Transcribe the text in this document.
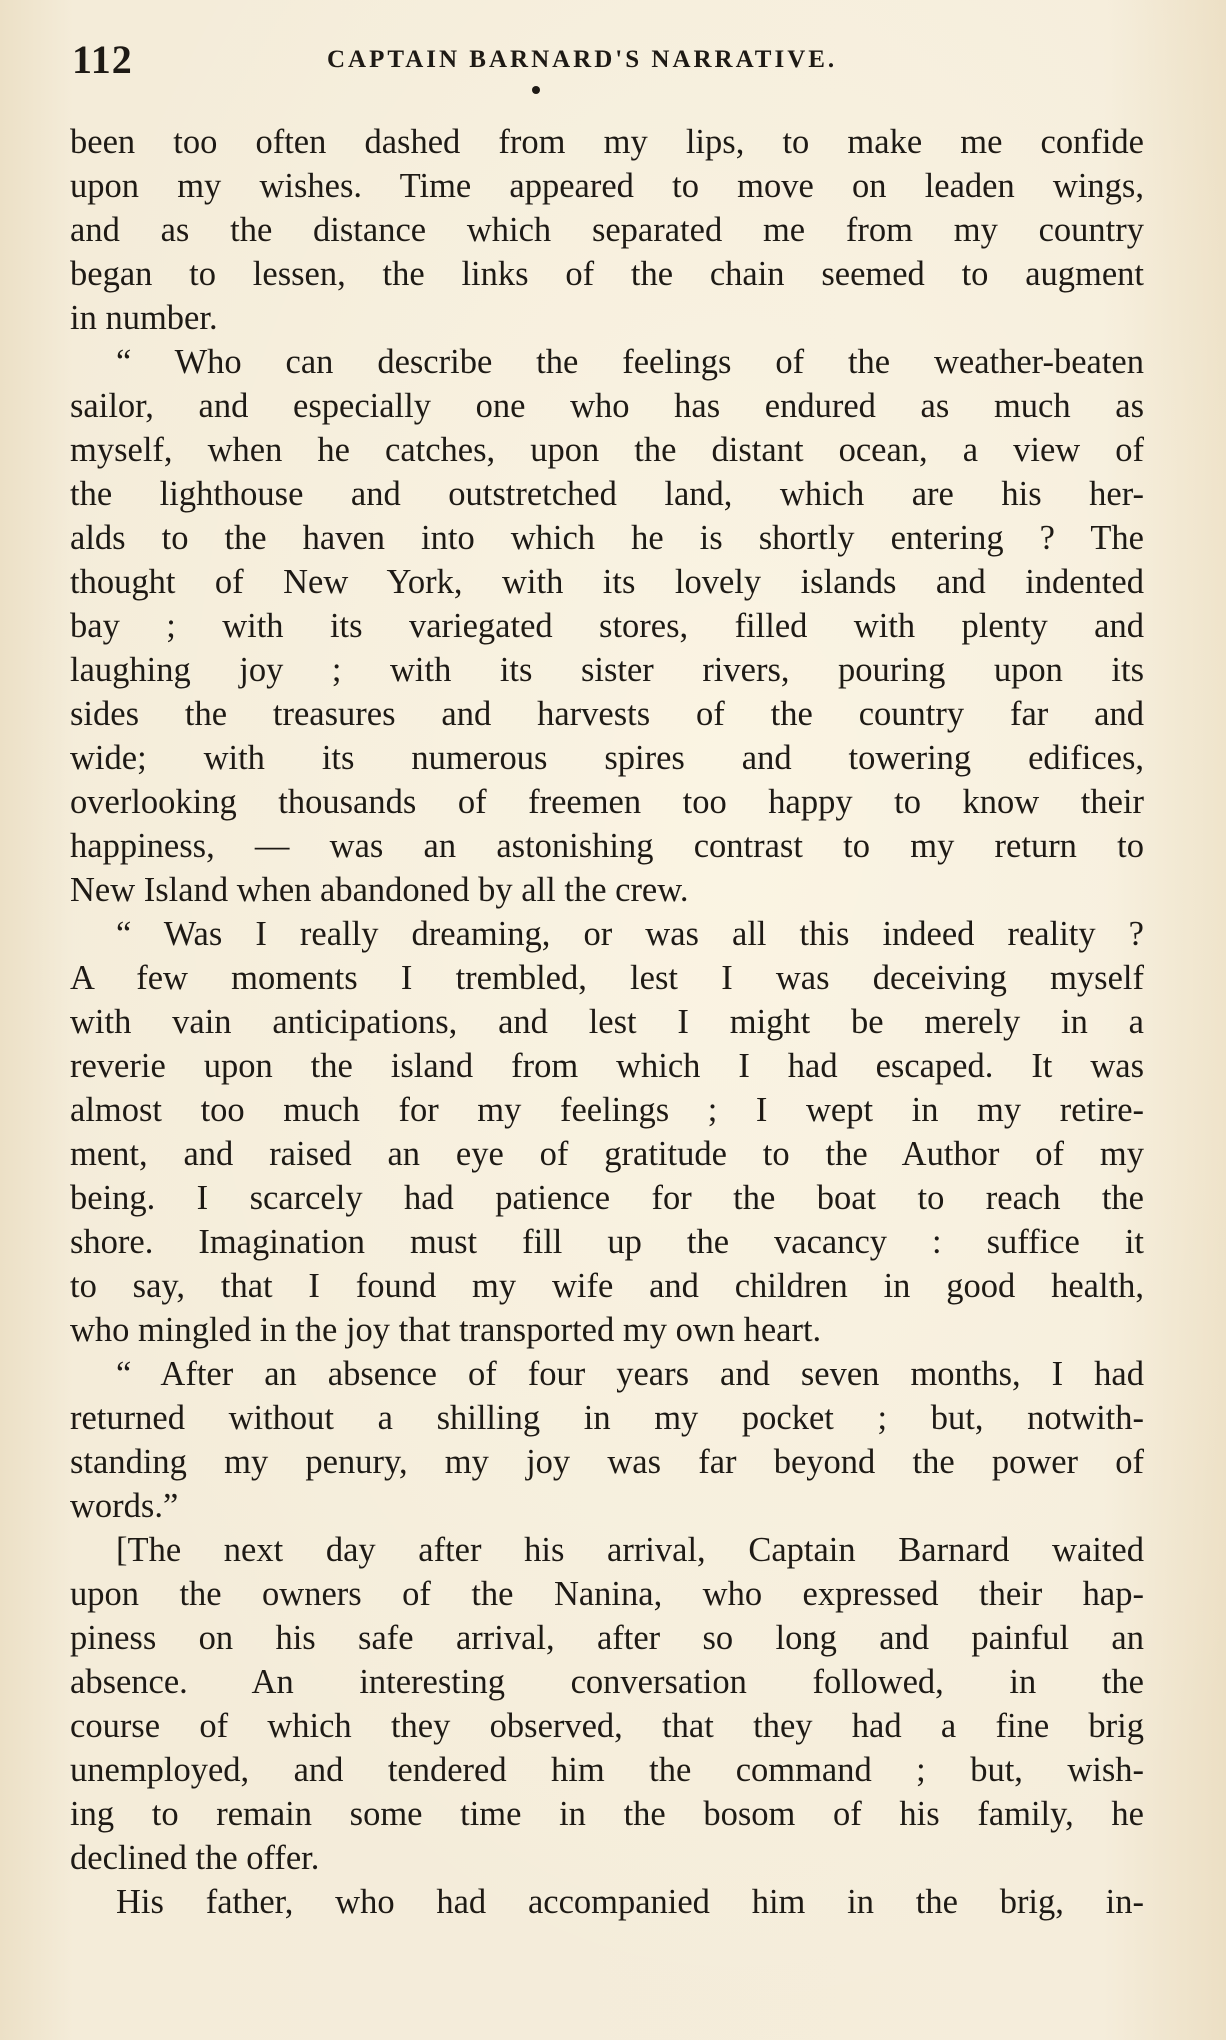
112	CAPTAIN BARNARD'S NARRATIVE.
been too often dashed from my lips, to make me confide
upon my wishes. Time appeared to move on leaden wings,
and as the distance which separated me from my country
began to lessen, the links of the chain seemed to augment
in number.
“ Who can describe the feelings of the weather-beaten
sailor, and especially one who has endured as much as
myself, when he catches, upon the distant ocean, a view of
the lighthouse and outstretched land, which are his her-
alds to the haven into which he is shortly entering ? The
thought of New York, with its lovely islands and indented
bay ; with its variegated stores, filled with plenty and
laughing joy ; with its sister rivers, pouring upon its
sides the treasures and harvests of the country far and
wide; with its numerous spires and towering edifices,
overlooking thousands of freemen too happy to know their
happiness, — was an astonishing contrast to my return to
New Island when abandoned by all the crew.
“ Was I really dreaming, or was all this indeed reality ?
A few moments I trembled, lest I was deceiving myself
with vain anticipations, and lest I might be merely in a
reverie upon the island from which I had escaped. It was
almost too much for my feelings ; I wept in my retire-
ment, and raised an eye of gratitude to the Author of my
being. I scarcely had patience for the boat to reach the
shore. Imagination must fill up the vacancy : suffice it
to say, that I found my wife and children in good health,
who mingled in the joy that transported my own heart.
“ After an absence of four years and seven months, I had
returned without a shilling in my pocket ; but, notwith-
standing my penury, my joy was far beyond the power of
words.”
[The next day after his arrival, Captain Barnard waited
upon the owners of the Nanina, who expressed their hap-
piness on his safe arrival, after so long and painful an
absence. An interesting conversation followed, in the
course of which they observed, that they had a fine brig
unemployed, and tendered him the command ; but, wish-
ing to remain some time in the bosom of his family, he
declined the offer.
His father, who had accompanied him in the brig, in-
